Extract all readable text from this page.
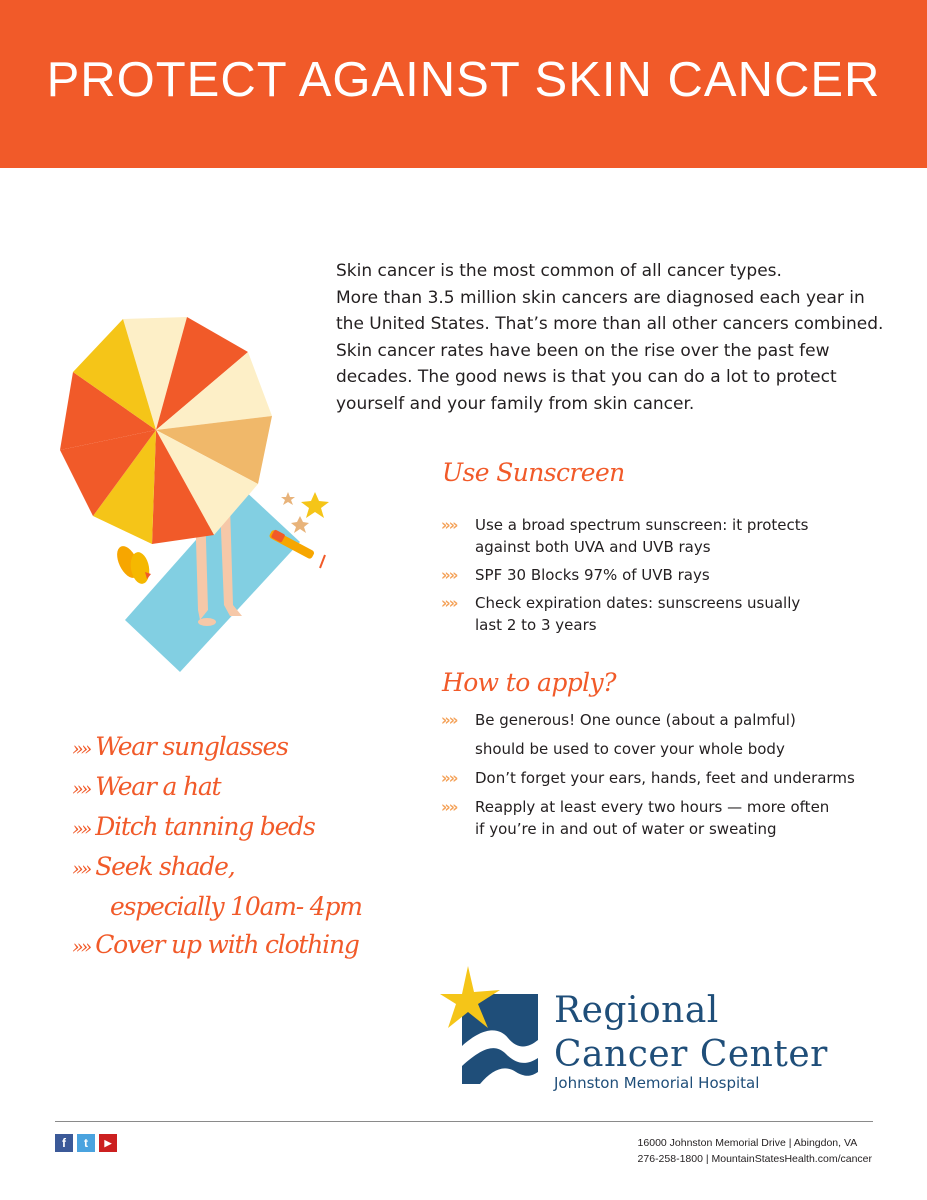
PROTECT AGAINST SKIN CANCER
Skin cancer is the most common of all cancer types.
More than 3.5 million skin cancers are diagnosed each year in
the United States. That’s more than all other cancers combined.
Skin cancer rates have been on the rise over the past few
decades. The good news is that you can do a lot to protect
yourself and your family from skin cancer.
Use Sunscreen
»» Use a broad spectrum sunscreen: it protects
against both UVA and UVB rays
»» SPF 30 Blocks 97% of UVB rays
»» Check expiration dates: sunscreens usually
last 2 to 3 years
How to apply?
»» Be generous! One ounce (about a palmful)
should be used to cover your whole body
»» Don’t forget your ears, hands, feet and underarms
»» Reapply at least every two hours — more often
if you’re in and out of water or sweating
»» Wear sunglasses
»» Wear a hat
»» Ditch tanning beds
»» Seek shade,
especially 10am- 4pm
»» Cover up with clothing
Regional
Cancer Center
Johnston Memorial Hospital
f	t	▶	16000 Johnston Memorial Drive | Abingdon, VA
276-258-1800 | MountainStatesHealth.com/cancer
